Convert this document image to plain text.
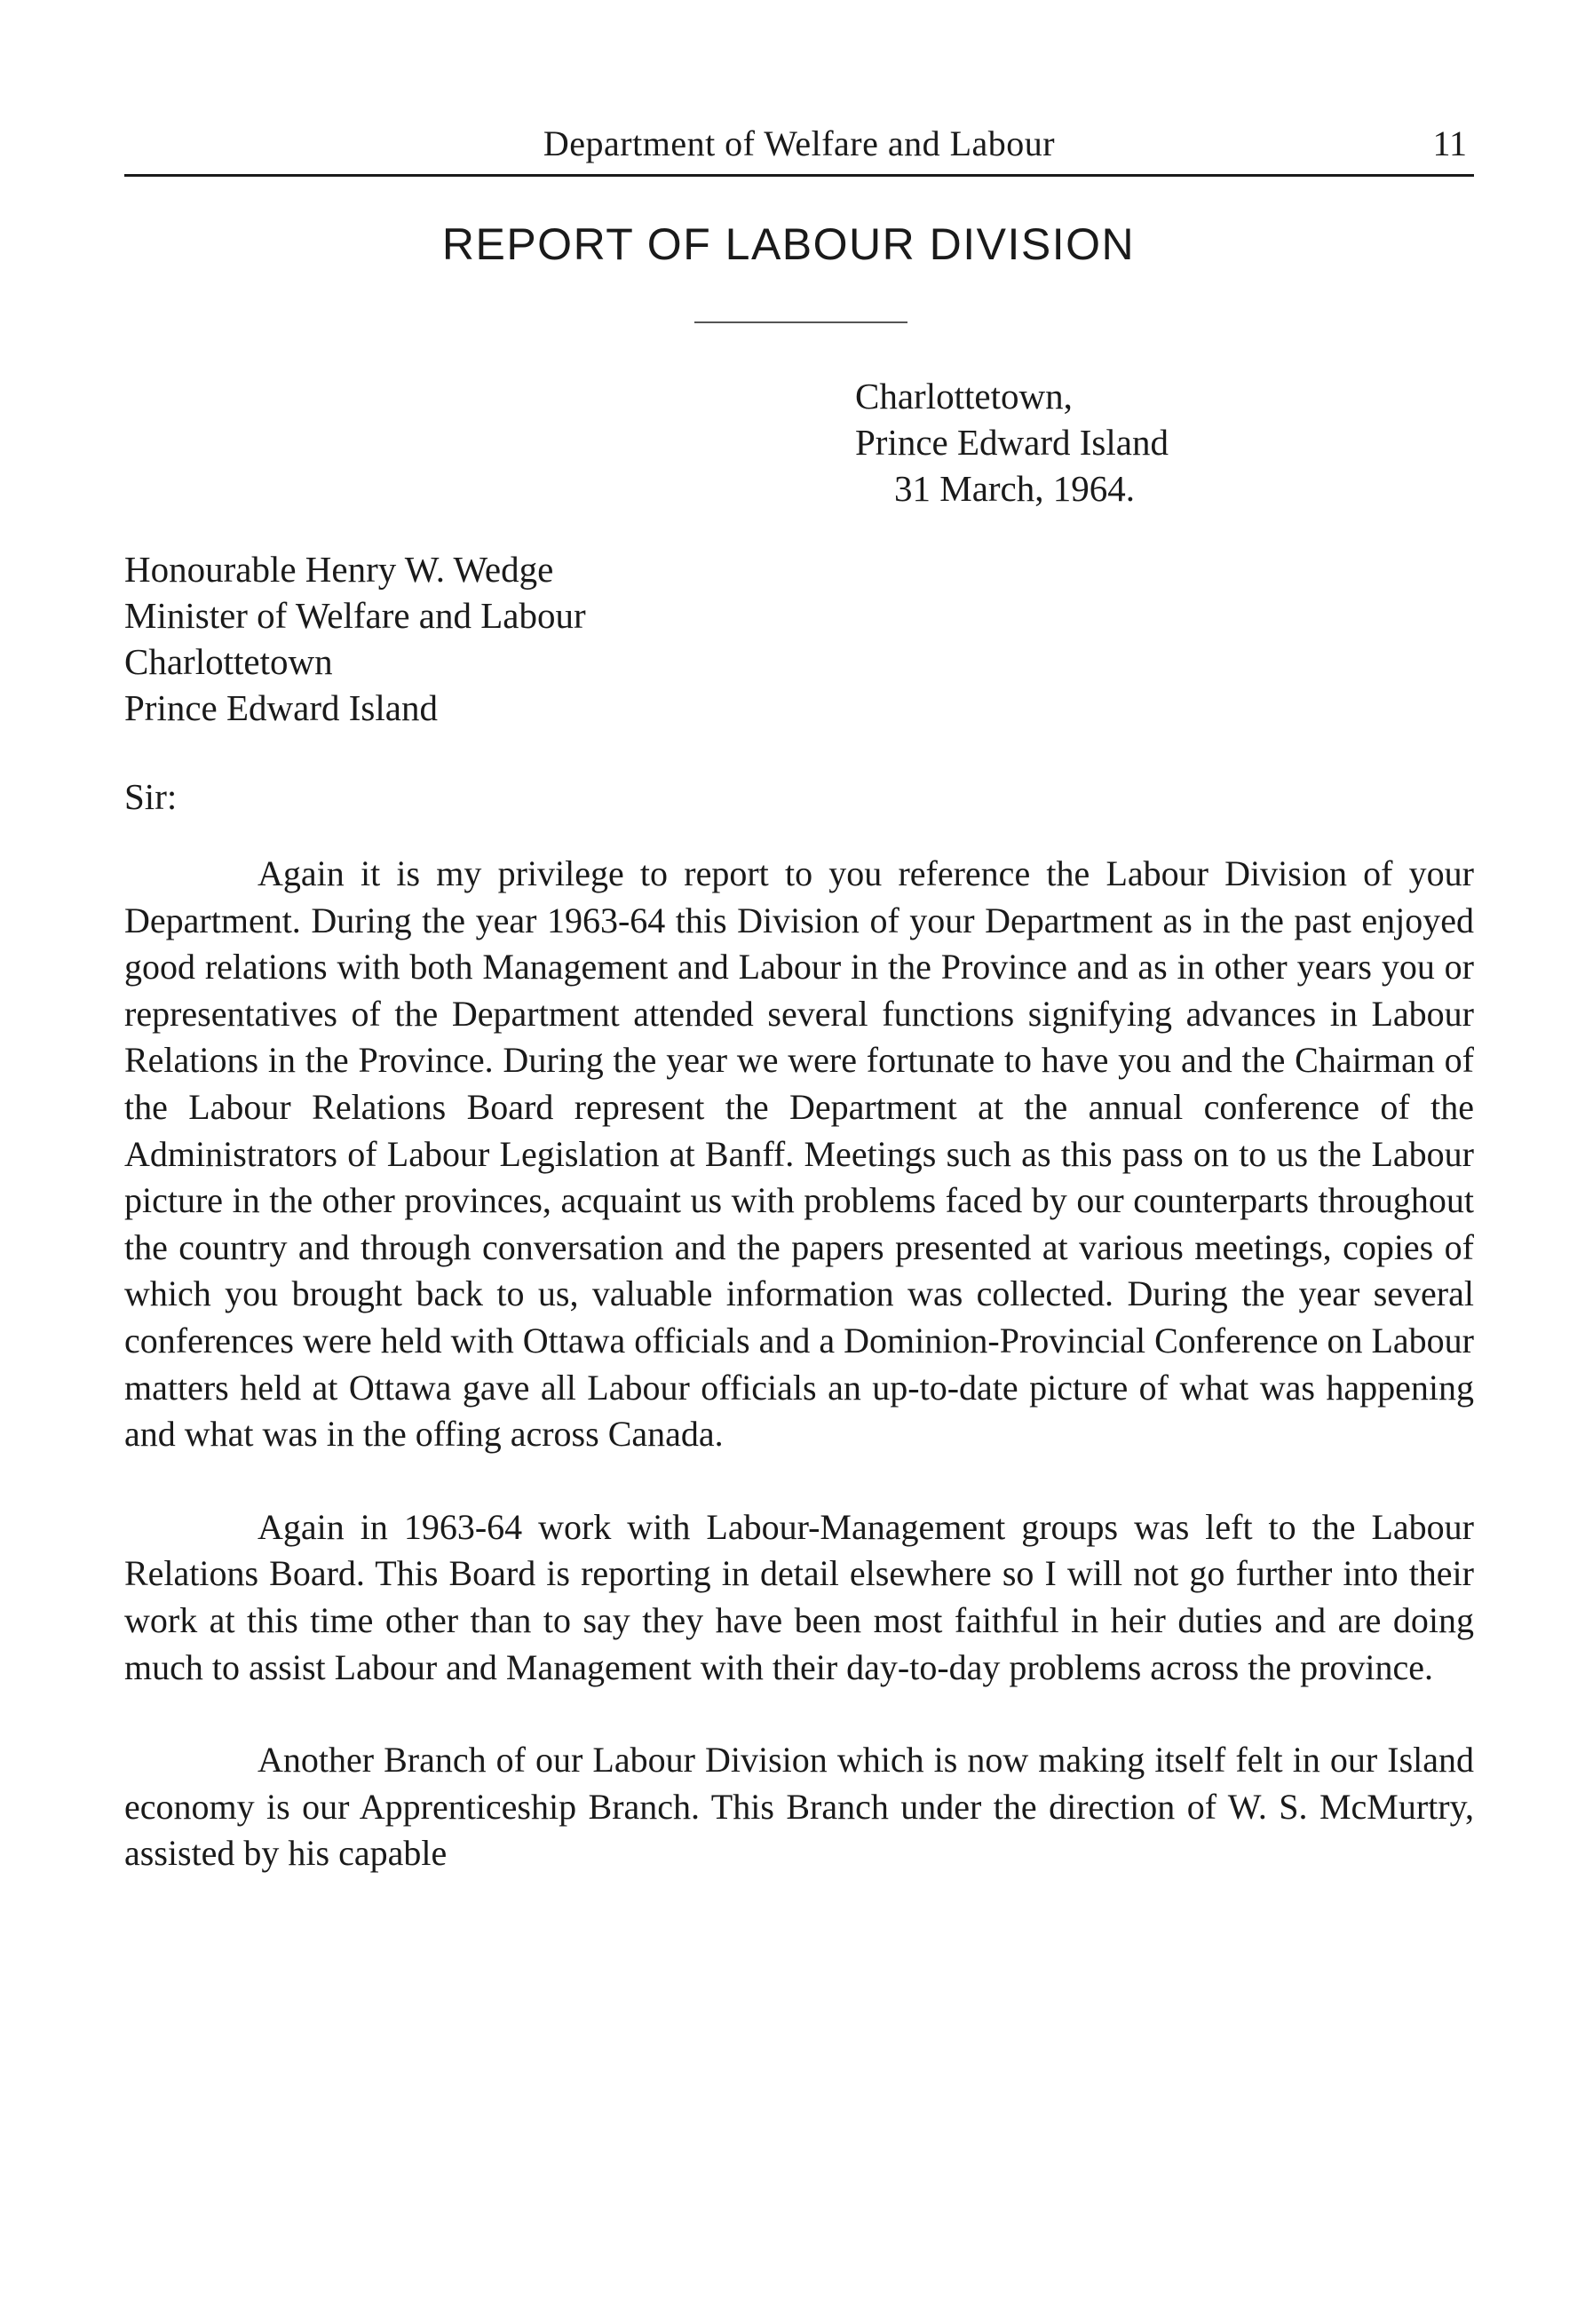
Department of Welfare and Labour	11
REPORT OF LABOUR DIVISION
Charlottetown,
Prince Edward Island
31 March, 1964.
Honourable Henry W. Wedge
Minister of Welfare and Labour
Charlottetown
Prince Edward Island
Sir:

Again it is my privilege to report to you reference the Labour Division of your Department. During the year 1963-64 this Division of your Department as in the past enjoyed good relations with both Management and Labour in the Province and as in other years you or representatives of the Department attended several functions signifying advances in Labour Relations in the Province. During the year we were fortunate to have you and the Chairman of the Labour Relations Board represent the Department at the annual conference of the Administrators of Labour Legislation at Banff. Meetings such as this pass on to us the Labour picture in the other provinces, acquaint us with problems faced by our counterparts throughout the country and through conversation and the papers presented at various meetings, copies of which you brought back to us, valuable information was collected. During the year several conferences were held with Ottawa officials and a Dominion-Provincial Conference on Labour matters held at Ottawa gave all Labour officials an up-to-date picture of what was happening and what was in the offing across Canada.

Again in 1963-64 work with Labour-Management groups was left to the Labour Relations Board. This Board is reporting in detail elsewhere so I will not go further into their work at this time other than to say they have been most faithful in heir duties and are doing much to assist Labour and Management with their day-to-day problems across the province.

Another Branch of our Labour Division which is now making itself felt in our Island economy is our Apprenticeship Branch. This Branch under the direction of W. S. McMurtry, assisted by his capable
